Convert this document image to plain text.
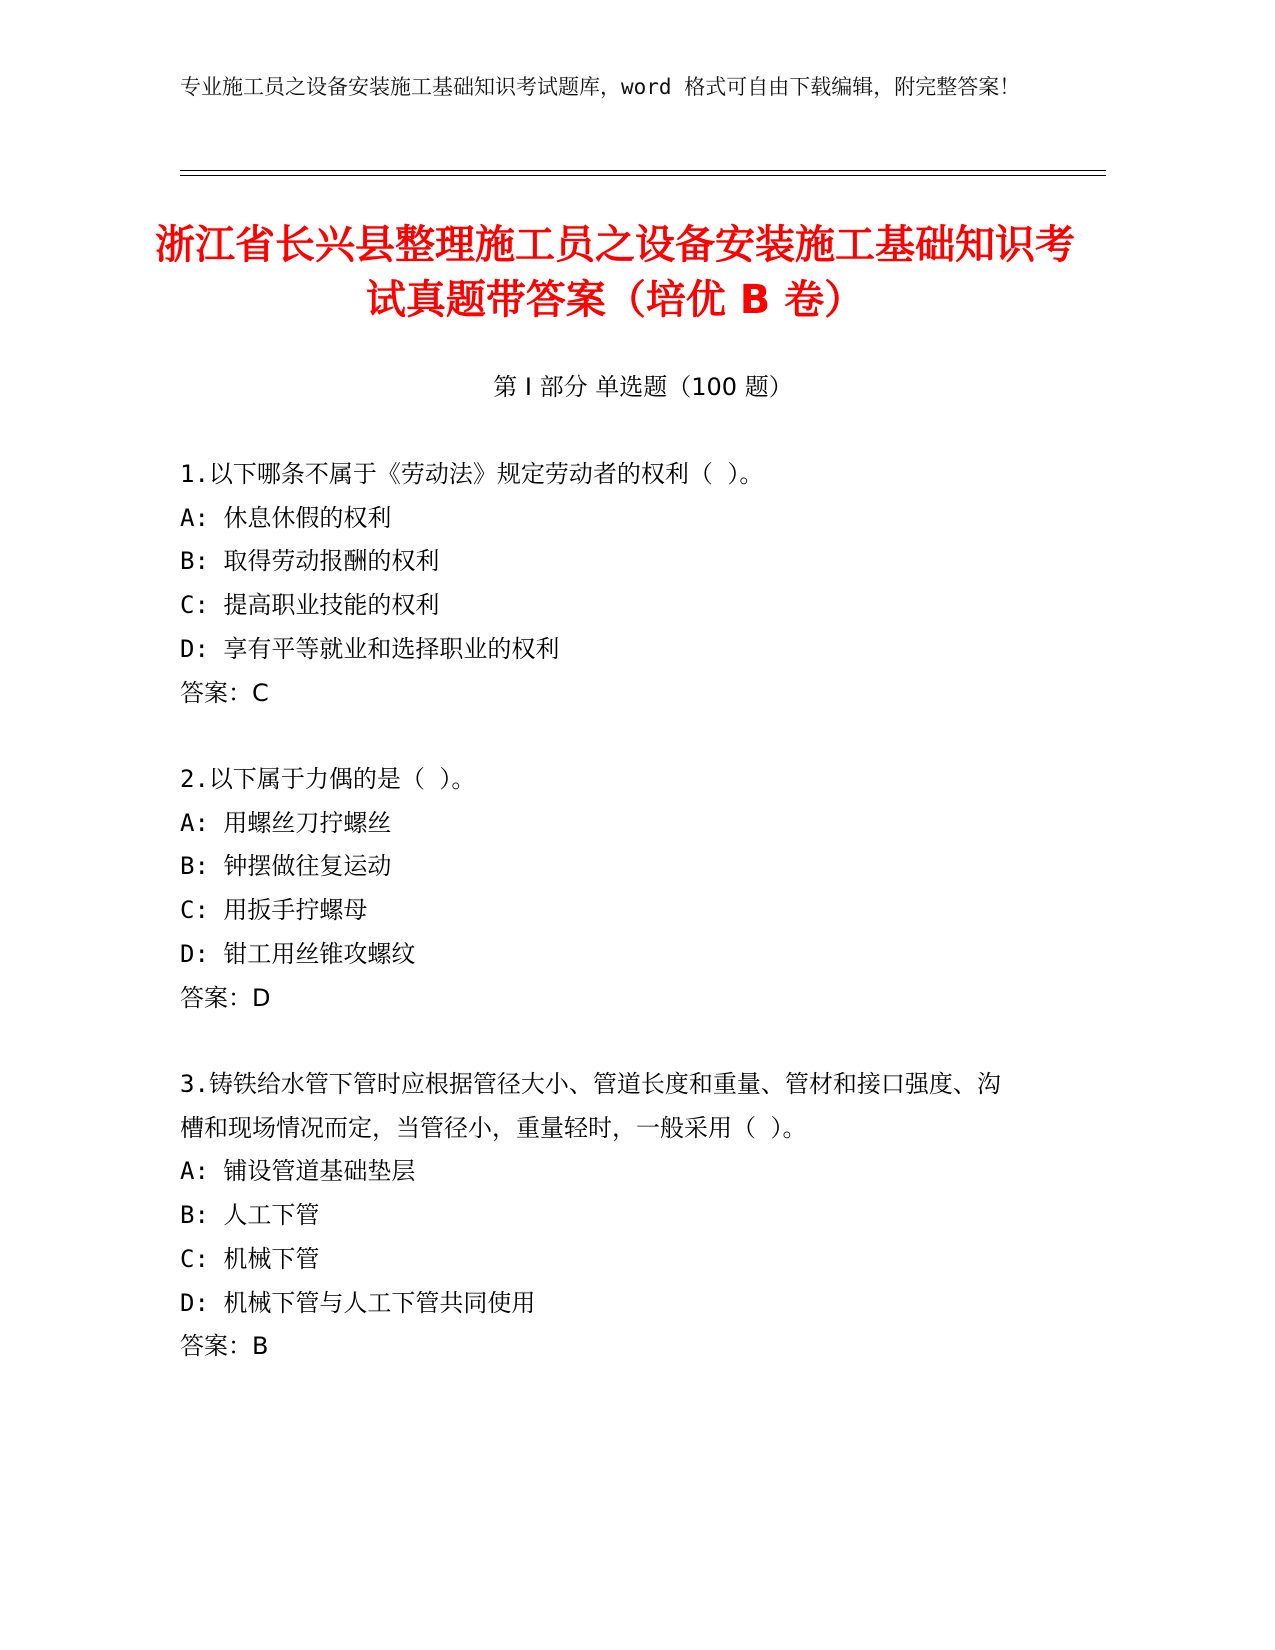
专业施工员之设备安装施工基础知识考试题库，word 格式可自由下载编辑，附完整答案！
浙江省长兴县整理施工员之设备安装施工基础知识考试真题带答案（培优 B 卷）
第 I 部分 单选题（100 题）
1.以下哪条不属于《劳动法》规定劳动者的权利（ ）。
A: 休息休假的权利
B: 取得劳动报酬的权利
C: 提高职业技能的权利
D: 享有平等就业和选择职业的权利
答案：C
2.以下属于力偶的是（ ）。
A: 用螺丝刀拧螺丝
B: 钟摆做往复运动
C: 用扳手拧螺母
D: 钳工用丝锥攻螺纹
答案：D
3.铸铁给水管下管时应根据管径大小、管道长度和重量、管材和接口强度、沟槽和现场情况而定，当管径小，重量轻时，一般采用（ ）。
A: 铺设管道基础垫层
B: 人工下管
C: 机械下管
D: 机械下管与人工下管共同使用
答案：B
